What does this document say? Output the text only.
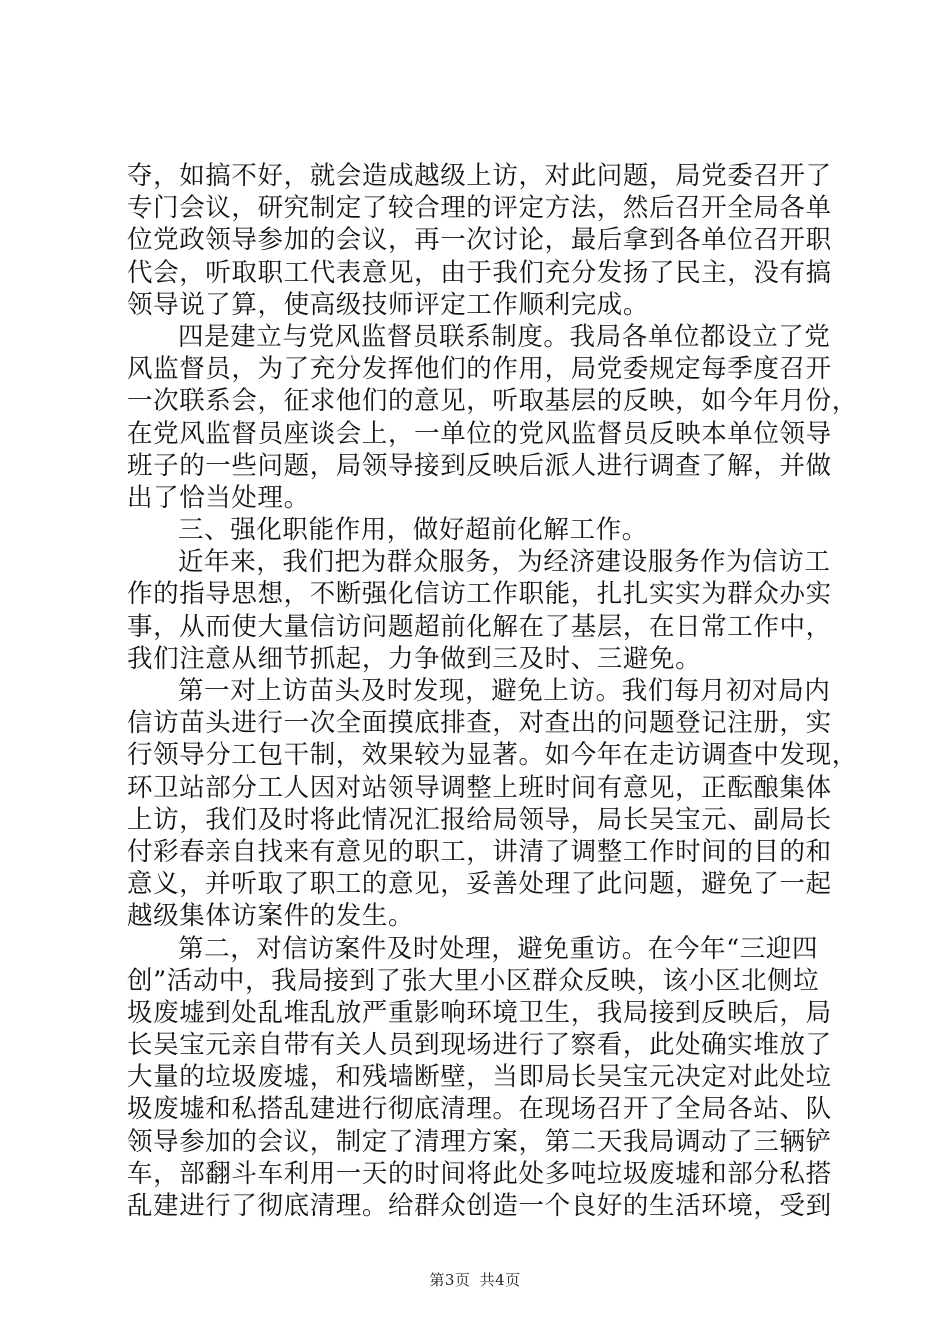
夺，如搞不好，就会造成越级上访，对此问题，局党委召开了
专门会议，研究制定了较合理的评定方法，然后召开全局各单
位党政领导参加的会议，再一次讨论，最后拿到各单位召开职
代会，听取职工代表意见，由于我们充分发扬了民主，没有搞
领导说了算，使高级技师评定工作顺利完成。
四是建立与党风监督员联系制度。我局各单位都设立了党
风监督员，为了充分发挥他们的作用，局党委规定每季度召开
一次联系会，征求他们的意见，听取基层的反映，如今年月份，
在党风监督员座谈会上，一单位的党风监督员反映本单位领导
班子的一些问题，局领导接到反映后派人进行调查了解，并做
出了恰当处理。
三、强化职能作用，做好超前化解工作。
近年来，我们把为群众服务，为经济建设服务作为信访工
作的指导思想，不断强化信访工作职能，扎扎实实为群众办实
事，从而使大量信访问题超前化解在了基层，在日常工作中，
我们注意从细节抓起，力争做到三及时、三避免。
第一对上访苗头及时发现，避免上访。我们每月初对局内
信访苗头进行一次全面摸底排查，对查出的问题登记注册，实
行领导分工包干制，效果较为显著。如今年在走访调查中发现，
环卫站部分工人因对站领导调整上班时间有意见，正酝酿集体
上访，我们及时将此情况汇报给局领导，局长吴宝元、副局长
付彩春亲自找来有意见的职工，讲清了调整工作时间的目的和
意义，并听取了职工的意见，妥善处理了此问题，避免了一起
越级集体访案件的发生。
第二，对信访案件及时处理，避免重访。在今年“三迎四
创”活动中，我局接到了张大里小区群众反映，该小区北侧垃
圾废墟到处乱堆乱放严重影响环境卫生，我局接到反映后，局
长吴宝元亲自带有关人员到现场进行了察看，此处确实堆放了
大量的垃圾废墟，和残墙断壁，当即局长吴宝元决定对此处垃
圾废墟和私搭乱建进行彻底清理。在现场召开了全局各站、队
领导参加的会议，制定了清理方案，第二天我局调动了三辆铲
车，部翻斗车利用一天的时间将此处多吨垃圾废墟和部分私搭
乱建进行了彻底清理。给群众创造一个良好的生活环境，受到
第3页 共4页
